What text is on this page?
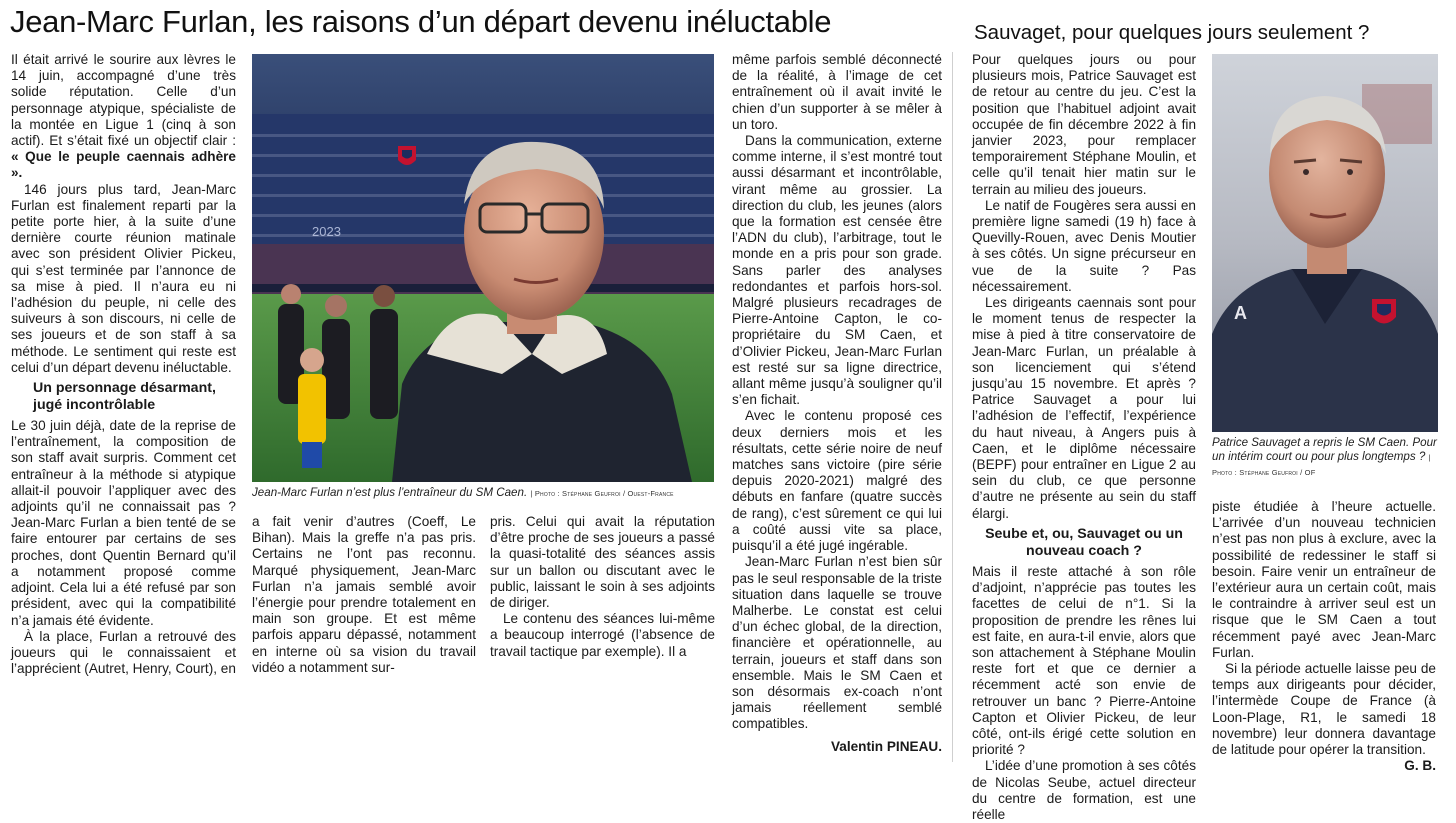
Jean-Marc Furlan, les raisons d’un départ devenu inéluctable	Sauvaget, pour quelques jours seulement ?

Il était arrivé le sourire aux lèvres le 14 juin, accompagné d’une très solide réputation. Celle d’un personnage atypique, spécialiste de la montée en Ligue 1 (cinq à son actif). Et s’était fixé un objectif clair : « Que le peuple caennais adhère ».

146 jours plus tard, Jean-Marc Furlan est finalement reparti par la petite porte hier, à la suite d’une dernière courte réunion matinale avec son président Olivier Pickeu, qui s’est terminée par l’annonce de sa mise à pied. Il n’aura eu ni l’adhésion du peuple, ni celle des suiveurs à son discours, ni celle de ses joueurs et de son staff à sa méthode. Le sentiment qui reste est celui d’un départ devenu inéluctable.

Un personnage désarmant, jugé incontrôlable

Le 30 juin déjà, date de la reprise de l’entraînement, la composition de son staff avait surpris. Comment cet entraîneur à la méthode si atypique allait-il pouvoir l’appliquer avec des adjoints qu’il ne connaissait pas ? Jean-Marc Furlan a bien tenté de se faire entourer par certains de ses proches, dont Quentin Bernard qu’il a notamment proposé comme adjoint. Cela lui a été refusé par son président, avec qui la compatibilité n’a jamais été évidente.

À la place, Furlan a retrouvé des joueurs qui le connaissaient et l’apprécient (Autret, Henry, Court), en

2023
Jean-Marc Furlan n’est plus l’entraîneur du SM Caen. | Photo : Stéphane Geufroi / Ouest-France

a fait venir d’autres (Coeff, Le Bihan). Mais la greffe n’a pas pris. Certains ne l’ont pas reconnu. Marqué physiquement, Jean-Marc Furlan n’a jamais semblé avoir l’énergie pour prendre totalement en main son groupe. Et est même parfois apparu dépassé, notamment en interne où sa vision du travail vidéo a notamment sur-

pris. Celui qui avait la réputation d’être proche de ses joueurs a passé la quasi-totalité des séances assis sur un ballon ou discutant avec le public, laissant le soin à ses adjoints de diriger.

Le contenu des séances lui-même a beaucoup interrogé (l’absence de travail tactique par exemple). Il a

même parfois semblé déconnecté de la réalité, à l’image de cet entraînement où il avait invité le chien d’un supporter à se mêler à un toro.

Dans la communication, externe comme interne, il s’est montré tout aussi désarmant et incontrôlable, virant même au grossier. La direction du club, les jeunes (alors que la formation est censée être l’ADN du club), l’arbitrage, tout le monde en a pris pour son grade. Sans parler des analyses redondantes et parfois hors-sol. Malgré plusieurs recadrages de Pierre-Antoine Capton, le co-propriétaire du SM Caen, et d’Olivier Pickeu, Jean-Marc Furlan est resté sur sa ligne directrice, allant même jusqu’à souligner qu’il s’en fichait.

Avec le contenu proposé ces deux derniers mois et les résultats, cette série noire de neuf matches sans victoire (pire série depuis 2020-2021) malgré des débuts en fanfare (quatre succès de rang), c’est sûrement ce qui lui a coûté aussi vite sa place, puisqu’il a été jugé ingérable.

Jean-Marc Furlan n’est bien sûr pas le seul responsable de la triste situation dans laquelle se trouve Malherbe. Le constat est celui d’un échec global, de la direction, financière et opérationnelle, au terrain, joueurs et staff dans son ensemble. Mais le SM Caen et son désormais ex-coach n’ont jamais réellement semblé compatibles.

Valentin PINEAU.

Pour quelques jours ou pour plusieurs mois, Patrice Sauvaget est de retour au centre du jeu. C’est la position que l’habituel adjoint avait occupée de fin décembre 2022 à fin janvier 2023, pour remplacer temporairement Stéphane Moulin, et celle qu’il tenait hier matin sur le terrain au milieu des joueurs.

Le natif de Fougères sera aussi en première ligne samedi (19 h) face à Quevilly-Rouen, avec Denis Moutier à ses côtés. Un signe précurseur en vue de la suite ? Pas nécessairement.

Les dirigeants caennais sont pour le moment tenus de respecter la mise à pied à titre conservatoire de Jean-Marc Furlan, un préalable à son licenciement qui s’étend jusqu’au 15 novembre. Et après ? Patrice Sauvaget a pour lui l’adhésion de l’effectif, l’expérience du haut niveau, à Angers puis à Caen, et le diplôme nécessaire (BEPF) pour entraîner en Ligue 2 au sein du club, ce que personne d’autre ne présente au sein du staff élargi.

Seube et, ou, Sauvaget ou un nouveau coach ?

Mais il reste attaché à son rôle d’adjoint, n’apprécie pas toutes les facettes de celui de n°1. Si la proposition de prendre les rênes lui est faite, en aura-t-il envie, alors que son attachement à Stéphane Moulin reste fort et que ce dernier a récemment acté son envie de retrouver un banc ? Pierre-Antoine Capton et Olivier Pickeu, de leur côté, ont-ils érigé cette solution en priorité ?

L’idée d’une promotion à ses côtés de Nicolas Seube, actuel directeur du centre de formation, est une réelle

A
Patrice Sauvaget a repris le SM Caen. Pour un intérim court ou pour plus longtemps ? | Photo : Stéphane Geufroi / OF

piste étudiée à l’heure actuelle. L’arrivée d’un nouveau technicien n’est pas non plus à exclure, avec la possibilité de redessiner le staff si besoin. Faire venir un entraîneur de l’extérieur aura un certain coût, mais le contraindre à arriver seul est un risque que le SM Caen a tout récemment payé avec Jean-Marc Furlan.

Si la période actuelle laisse peu de temps aux dirigeants pour décider, l’intermède Coupe de France (à Loon-Plage, R1, le samedi 18 novembre) leur donnera davantage de latitude pour opérer la transition.

G. B.
